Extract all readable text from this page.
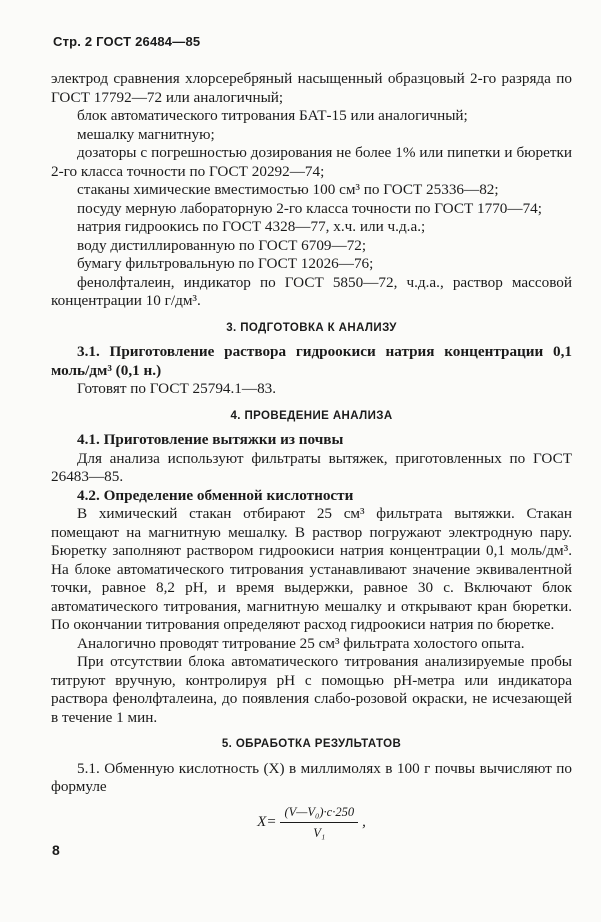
Стр. 2 ГОСТ 26484—85

электрод сравнения хлорсеребряный насыщенный образцовый 2-го разряда по ГОСТ 17792—72 или аналогичный;

блок автоматического титрования БАТ-15 или аналогичный;

мешалку магнитную;

дозаторы с погрешностью дозирования не более 1% или пипетки и бюретки 2-го класса точности по ГОСТ 20292—74;

стаканы химические вместимостью 100 см³ по ГОСТ 25336—82;

посуду мерную лабораторную 2-го класса точности по ГОСТ 1770—74;

натрия гидроокись по ГОСТ 4328—77, х.ч. или ч.д.а.;

воду дистиллированную по ГОСТ 6709—72;

бумагу фильтровальную по ГОСТ 12026—76;

фенолфталеин, индикатор по ГОСТ 5850—72, ч.д.а., раствор массовой концентрации 10 г/дм³.

3. ПОДГОТОВКА К АНАЛИЗУ

3.1. Приготовление раствора гидроокиси натрия концентрации 0,1 моль/дм³ (0,1 н.)

Готовят по ГОСТ 25794.1—83.

4. ПРОВЕДЕНИЕ АНАЛИЗА

4.1. Приготовление вытяжки из почвы

Для анализа используют фильтраты вытяжек, приготовленных по ГОСТ 26483—85.

4.2. Определение обменной кислотности

В химический стакан отбирают 25 см³ фильтрата вытяжки. Стакан помещают на магнитную мешалку. В раствор погружают электродную пару. Бюретку заполняют раствором гидроокиси натрия концентрации 0,1 моль/дм³. На блоке автоматического титрования устанавливают значение эквивалентной точки, равное 8,2 pH, и время выдержки, равное 30 с. Включают блок автоматического титрования, магнитную мешалку и открывают кран бюретки. По окончании титрования определяют расход гидроокиси натрия по бюретке.

Аналогично проводят титрование 25 см³ фильтрата холостого опыта.

При отсутствии блока автоматического титрования анализируемые пробы титруют вручную, контролируя pH с помощью pH-метра или индикатора раствора фенолфталеина, до появления слабо-розовой окраски, не исчезающей в течение 1 мин.

5. ОБРАБОТКА РЕЗУЛЬТАТОВ

5.1. Обменную кислотность (X) в миллимолях в 100 г почвы вычисляют по формуле

$X= \frac{\text{(V—V₀)·c·250}}{\text{V₁}}$ ,
8
